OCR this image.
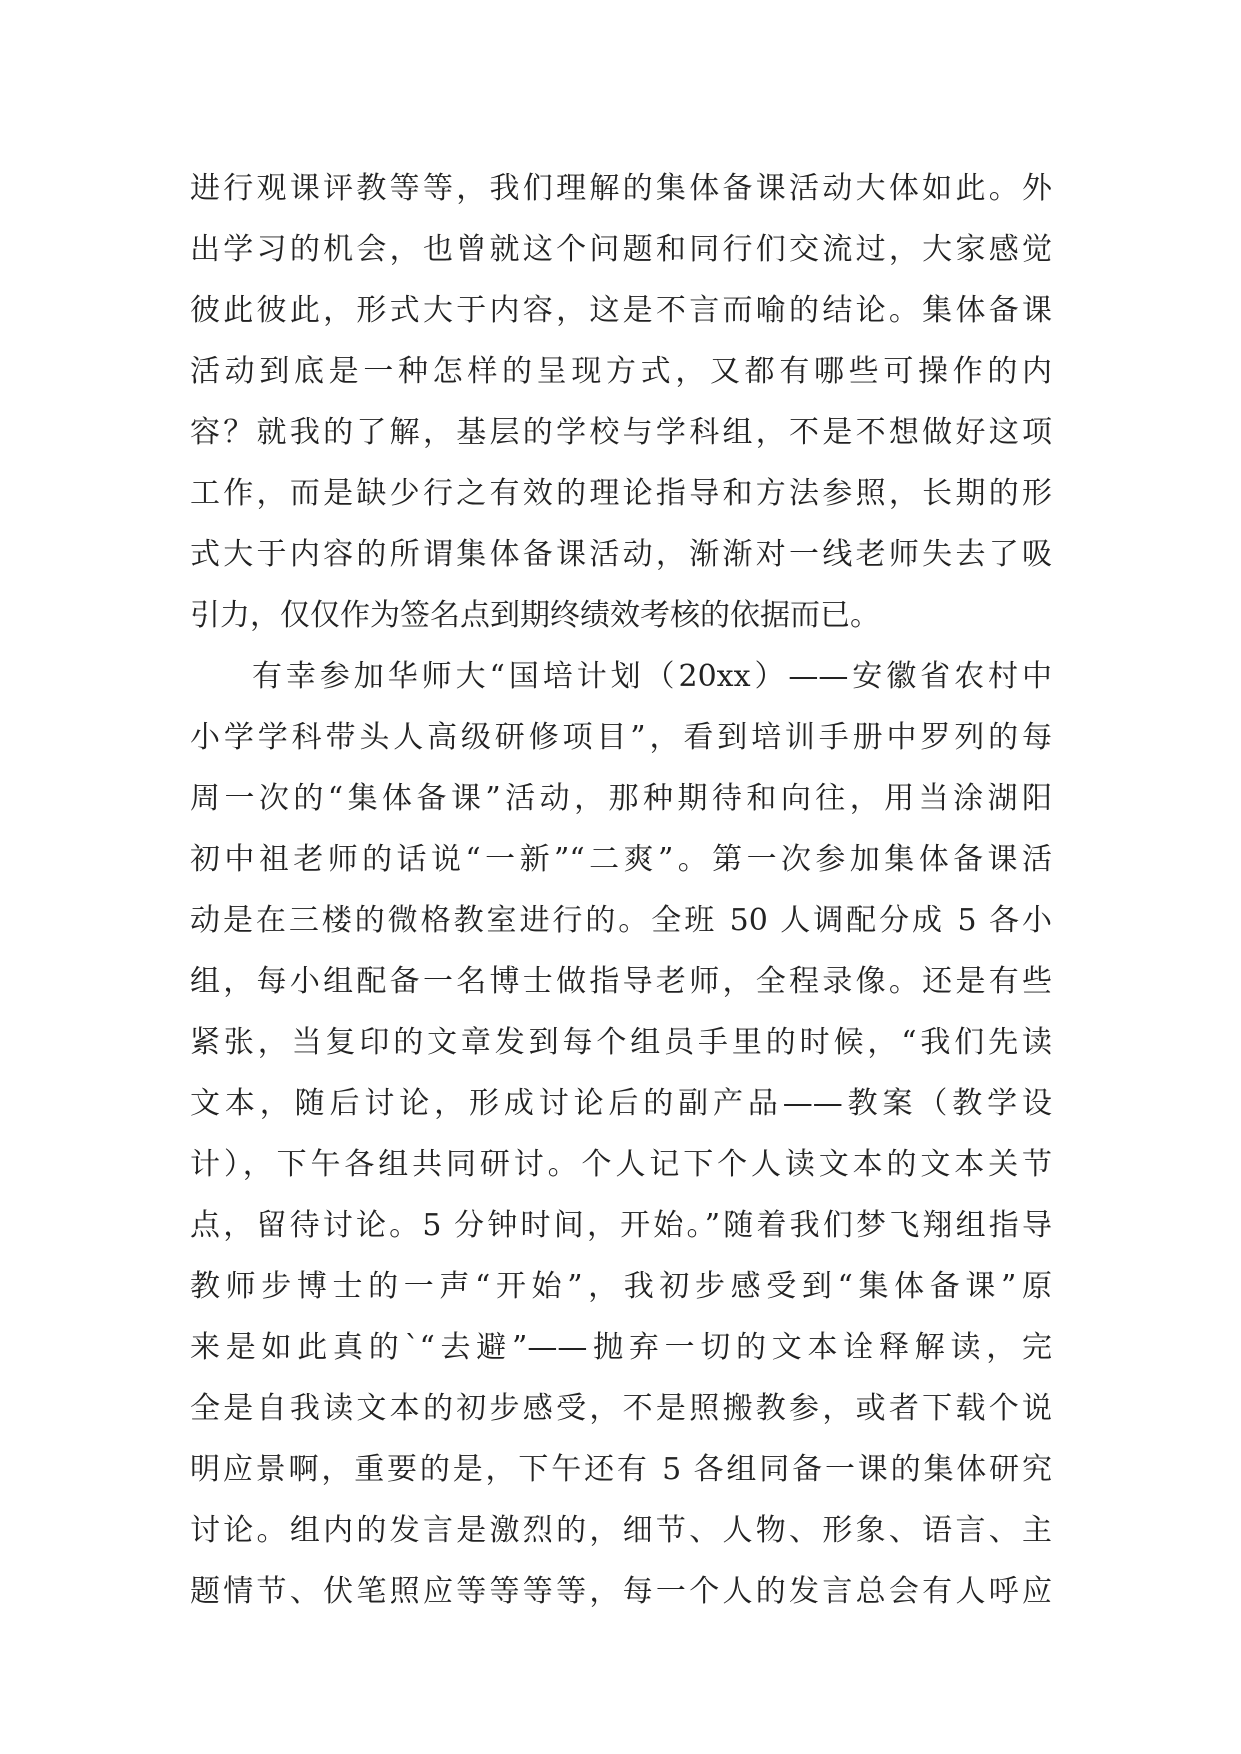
进行观课评教等等，我们理解的集体备课活动大体如此。外
出学习的机会，也曾就这个问题和同行们交流过，大家感觉
彼此彼此，形式大于内容，这是不言而喻的结论。集体备课
活动到底是一种怎样的呈现方式，又都有哪些可操作的内
容？就我的了解，基层的学校与学科组，不是不想做好这项
工作，而是缺少行之有效的理论指导和方法参照，长期的形
式大于内容的所谓集体备课活动，渐渐对一线老师失去了吸
引力，仅仅作为签名点到期终绩效考核的依据而已。
有幸参加华师大“国培计划（20xx）——安徽省农村中
小学学科带头人高级研修项目”，看到培训手册中罗列的每
周一次的“集体备课”活动，那种期待和向往，用当涂湖阳
初中祖老师的话说“一新”“二爽”。第一次参加集体备课活
动是在三楼的微格教室进行的。全班 50 人调配分成 5 各小
组，每小组配备一名博士做指导老师，全程录像。还是有些
紧张，当复印的文章发到每个组员手里的时候，“我们先读
文本，随后讨论，形成讨论后的副产品——教案（教学设
计），下午各组共同研讨。个人记下个人读文本的文本关节
点，留待讨论。5 分钟时间，开始。”随着我们梦飞翔组指导
教师步博士的一声“开始”，我初步感受到“集体备课”原
来是如此真的`“去避”——抛弃一切的文本诠释解读，完
全是自我读文本的初步感受，不是照搬教参，或者下载个说
明应景啊，重要的是，下午还有 5 各组同备一课的集体研究
讨论。组内的发言是激烈的，细节、人物、形象、语言、主
题情节、伏笔照应等等等等，每一个人的发言总会有人呼应
